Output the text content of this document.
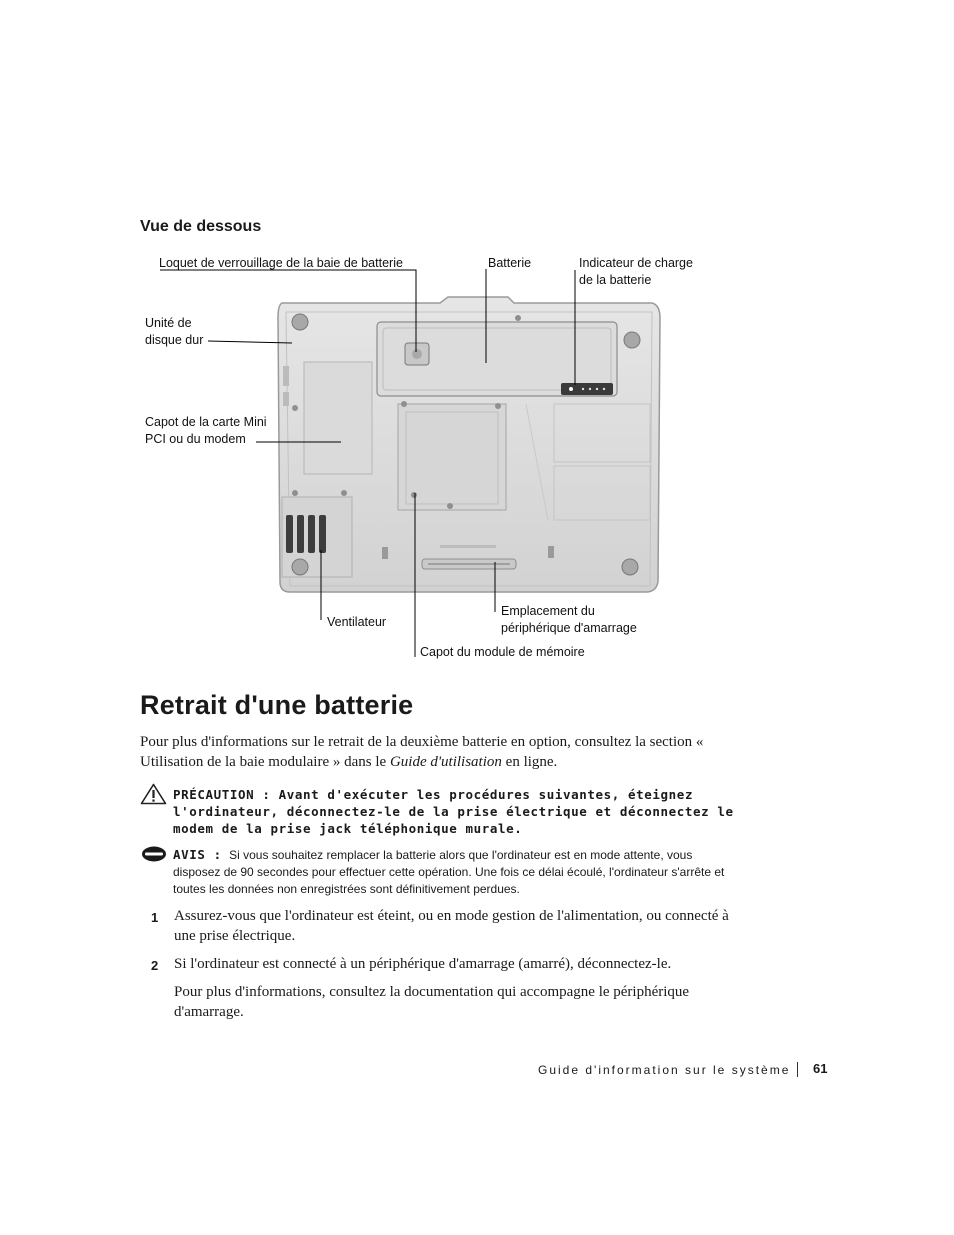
Vue de dessous
Loquet de verrouillage de la baie de batterie	Batterie	Indicateur de charge
de la batterie
Unité de
disque dur
Capot de la carte Mini
PCI ou du modem
Ventilateur
Emplacement du
périphérique d'amarrage
Capot du module de mémoire
Retrait d'une batterie
Pour plus d'informations sur le retrait de la deuxième batterie en option, consultez la section « Utilisation de la baie modulaire » dans le Guide d'utilisation en ligne.
PRÉCAUTION : Avant d'exécuter les procédures suivantes, éteignez l'ordinateur, déconnectez-le de la prise électrique et déconnectez le modem de la prise jack téléphonique murale.
AVIS : Si vous souhaitez remplacer la batterie alors que l'ordinateur est en mode attente, vous disposez de 90 secondes pour effectuer cette opération. Une fois ce délai écoulé, l'ordinateur s'arrête et toutes les données non enregistrées sont définitivement perdues.
1 Assurez-vous que l'ordinateur est éteint, ou en mode gestion de l'alimentation, ou connecté à une prise électrique.
2 Si l'ordinateur est connecté à un périphérique d'amarrage (amarré), déconnectez-le.
Pour plus d'informations, consultez la documentation qui accompagne le périphérique d'amarrage.
Guide d'information sur le système 61
